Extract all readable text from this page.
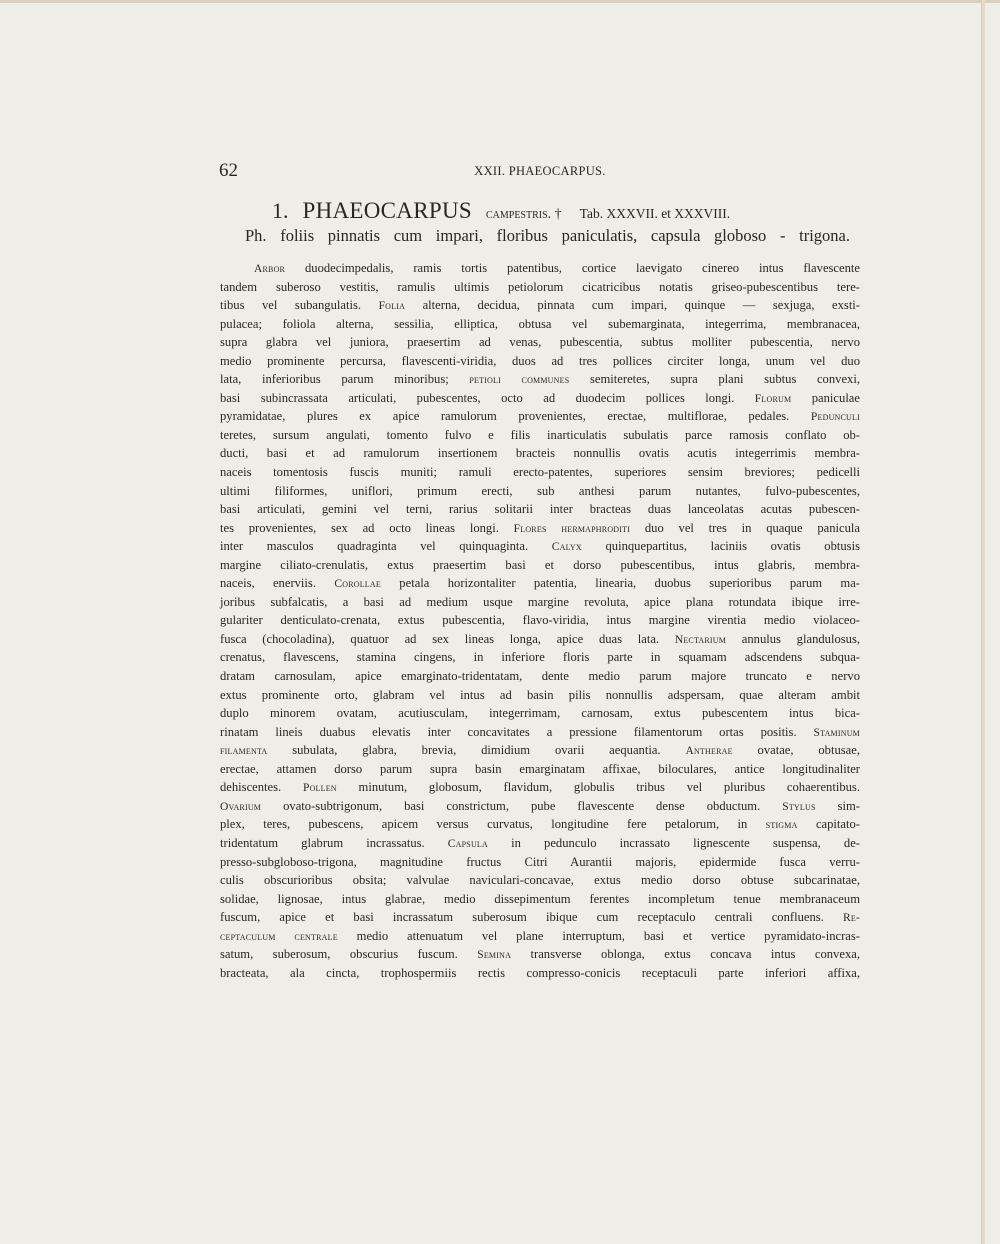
62	XXII. PHAEOCARPUS.
1. PHAEOCARPUS campestris. † Tab. XXXVII. et XXXVIII.
Ph. foliis pinnatis cum impari, floribus paniculatis, capsula globoso - trigona.
Arbor duodecimpedalis, ramis tortis patentibus, cortice laevigato cinereo intus flavescente
tandem suberoso vestitis, ramulis ultimis petiolorum cicatricibus notatis griseo-pubescentibus tere-
tibus vel subangulatis. Folia alterna, decidua, pinnata cum impari, quinque — sexjuga, exsti-
pulacea; foliola alterna, sessilia, elliptica, obtusa vel subemarginata, integerrima, membranacea,
supra glabra vel juniora, praesertim ad venas, pubescentia, subtus molliter pubescentia, nervo
medio prominente percursa, flavescenti-viridia, duos ad tres pollices circiter longa, unum vel duo
lata, inferioribus parum minoribus; petioli communes semiteretes, supra plani subtus convexi,
basi subincrassata articulati, pubescentes, octo ad duodecim pollices longi. Florum paniculae
pyramidatae, plures ex apice ramulorum provenientes, erectae, multiflorae, pedales. Pedunculi
teretes, sursum angulati, tomento fulvo e filis inarticulatis subulatis parce ramosis conflato ob-
ducti, basi et ad ramulorum insertionem bracteis nonnullis ovatis acutis integerrimis membra-
naceis tomentosis fuscis muniti; ramuli erecto-patentes, superiores sensim breviores; pedicelli
ultimi filiformes, uniflori, primum erecti, sub anthesi parum nutantes, fulvo-pubescentes,
basi articulati, gemini vel terni, rarius solitarii inter bracteas duas lanceolatas acutas pubescen-
tes provenientes, sex ad octo lineas longi. Flores hermaphroditi duo vel tres in quaque panicula
inter masculos quadraginta vel quinquaginta. Calyx quinquepartitus, laciniis ovatis obtusis
margine ciliato-crenulatis, extus praesertim basi et dorso pubescentibus, intus glabris, membra-
naceis, enerviis. Corollae petala horizontaliter patentia, linearia, duobus superioribus parum ma-
joribus subfalcatis, a basi ad medium usque margine revoluta, apice plana rotundata ibique irre-
gulariter denticulato-crenata, extus pubescentia, flavo-viridia, intus margine virentia medio violaceo-
fusca (chocoladina), quatuor ad sex lineas longa, apice duas lata. Nectarium annulus glandulosus,
crenatus, flavescens, stamina cingens, in inferiore floris parte in squamam adscendens subqua-
dratam carnosulam, apice emarginato-tridentatam, dente medio parum majore truncato e nervo
extus prominente orto, glabram vel intus ad basin pilis nonnullis adspersam, quae alteram ambit
duplo minorem ovatam, acutiusculam, integerrimam, carnosam, extus pubescentem intus bica-
rinatam lineis duabus elevatis inter concavitates a pressione filamentorum ortas positis. Staminum
filamenta subulata, glabra, brevia, dimidium ovarii aequantia. Antherae ovatae, obtusae,
erectae, attamen dorso parum supra basin emarginatam affixae, biloculares, antice longitudinaliter
dehiscentes. Pollen minutum, globosum, flavidum, globulis tribus vel pluribus cohaerentibus.
Ovarium ovato-subtrigonum, basi constrictum, pube flavescente dense obductum. Stylus sim-
plex, teres, pubescens, apicem versus curvatus, longitudine fere petalorum, in stigma capitato-
tridentatum glabrum incrassatus. Capsula in pedunculo incrassato lignescente suspensa, de-
presso-subgloboso-trigona, magnitudine fructus Citri Aurantii majoris, epidermide fusca verru-
culis obscurioribus obsita; valvulae naviculari-concavae, extus medio dorso obtuse subcarinatae,
solidae, lignosae, intus glabrae, medio dissepimentum ferentes incompletum tenue membranaceum
fuscum, apice et basi incrassatum suberosum ibique cum receptaculo centrali confluens. Re-
ceptaculum centrale medio attenuatum vel plane interruptum, basi et vertice pyramidato-incras-
satum, suberosum, obscurius fuscum. Semina transverse oblonga, extus concava intus convexa,
bracteata, ala cincta, trophospermiis rectis compresso-conicis receptaculi parte inferiori affixa,
